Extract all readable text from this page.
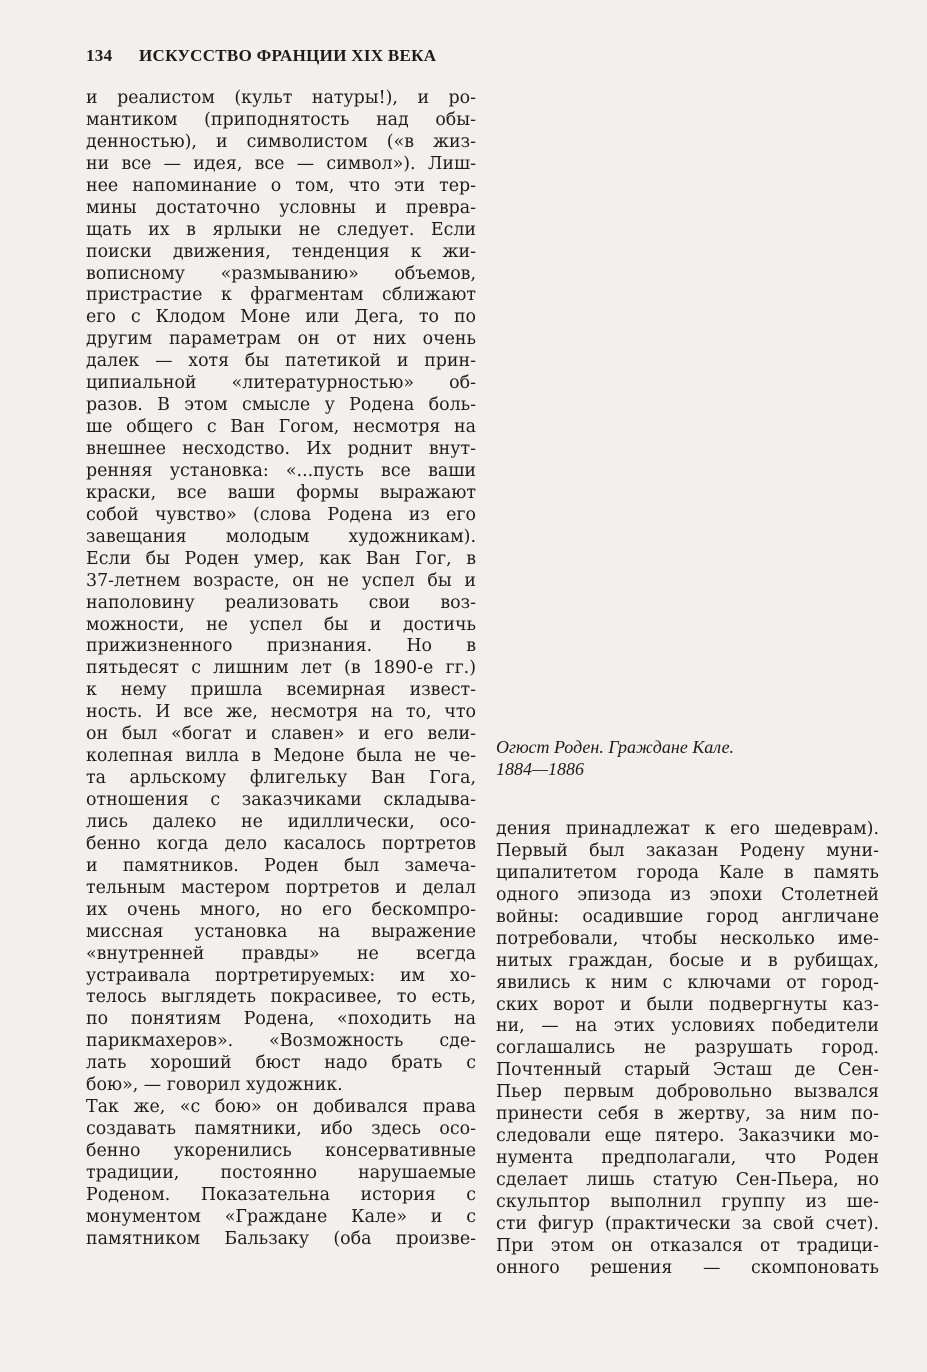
134 ИСКУССТВО ФРАНЦИИ XIX ВЕКА
и реалистом (культ натуры!), и ро-
мантиком (приподнятость над обы-
денностью), и символистом («в жиз-
ни все — идея, все — символ»). Лиш-
нее напоминание о том, что эти тер-
мины достаточно условны и превра-
щать их в ярлыки не следует. Если
поиски движения, тенденция к жи-
вописному «размыванию» объемов,
пристрастие к фрагментам сближают
его с Клодом Моне или Дега, то по
другим параметрам он от них очень
далек — хотя бы патетикой и прин-
ципиальной «литературностью» об-
разов. В этом смысле у Родена боль-
ше общего с Ван Гогом, несмотря на
внешнее несходство. Их роднит внут-
ренняя установка: «...пусть все ваши
краски, все ваши формы выражают
собой чувство» (слова Родена из его
завещания молодым художникам).
Если бы Роден умер, как Ван Гог, в
37-летнем возрасте, он не успел бы и
наполовину реализовать свои воз-
можности, не успел бы и достичь
прижизненного признания. Но в
пятьдесят с лишним лет (в 1890-е гг.)
к нему пришла всемирная извест-
ность. И все же, несмотря на то, что
он был «богат и славен» и его вели-
колепная вилла в Медоне была не че-
та арльскому флигельку Ван Гога,
отношения с заказчиками складыва-
лись далеко не идиллически, осо-
бенно когда дело касалось портретов
и памятников. Роден был замеча-
тельным мастером портретов и делал
их очень много, но его бескомпро-
миссная установка на выражение
«внутренней правды» не всегда
устраивала портретируемых: им хо-
телось выглядеть покрасивее, то есть,
по понятиям Родена, «походить на
парикмахеров». «Возможность сде-
лать хороший бюст надо брать с
бою», — говорил художник.
Так же, «с бою» он добивался права
создавать памятники, ибо здесь осо-
бенно укоренились консервативные
традиции, постоянно нарушаемые
Роденом. Показательна история с
монументом «Граждане Кале» и с
памятником Бальзаку (оба произве-
Огюст Роден. Граждане Кале.
1884—1886
дения принадлежат к его шедеврам).
Первый был заказан Родену муни-
ципалитетом города Кале в память
одного эпизода из эпохи Столетней
войны: осадившие город англичане
потребовали, чтобы несколько име-
нитых граждан, босые и в рубищах,
явились к ним с ключами от город-
ских ворот и были подвергнуты каз-
ни, — на этих условиях победители
соглашались не разрушать город.
Почтенный старый Эсташ де Сен-
Пьер первым добровольно вызвался
принести себя в жертву, за ним по-
следовали еще пятеро. Заказчики мо-
нумента предполагали, что Роден
сделает лишь статую Сен-Пьера, но
скульптор выполнил группу из ше-
сти фигур (практически за свой счет).
При этом он отказался от традици-
онного решения — скомпоновать
